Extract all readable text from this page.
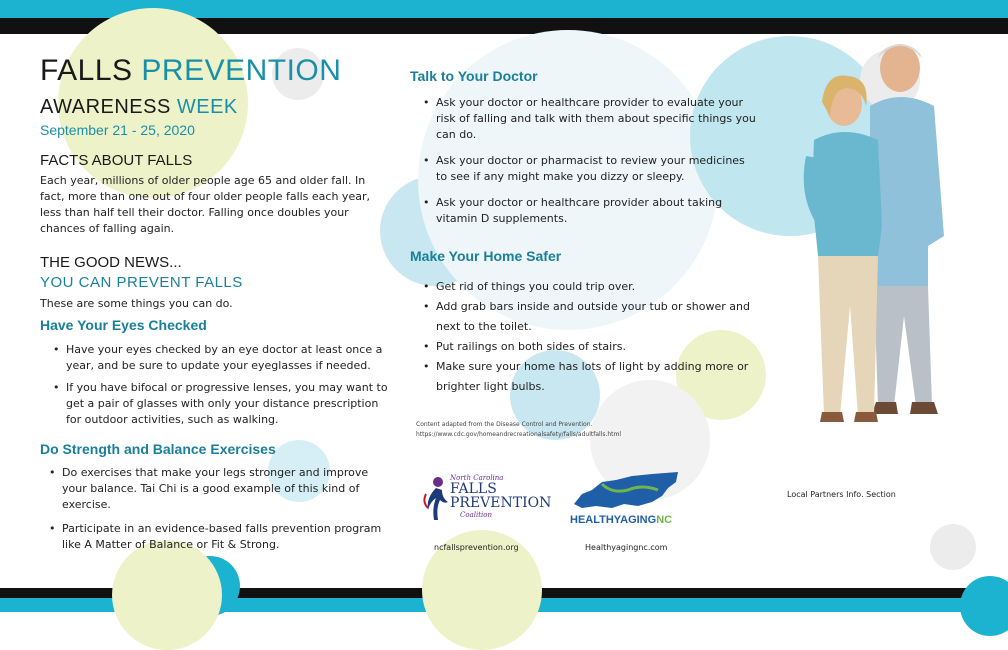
FALLS PREVENTION
AWARENESS WEEK
September 21 - 25, 2020
FACTS ABOUT FALLS
Each year, millions of older people age 65 and older fall. In fact, more than one out of four older people falls each year, less than half tell their doctor. Falling once doubles your chances of falling again.
THE GOOD NEWS...
YOU CAN PREVENT FALLS
These are some things you can do.
Have Your Eyes Checked
• Have your eyes checked by an eye doctor at least once a year, and be sure to update your eyeglasses if needed.
• If you have bifocal or progressive lenses, you may want to get a pair of glasses with only your distance prescription for outdoor activities, such as walking.
Do Strength and Balance Exercises
• Do exercises that make your legs stronger and improve your balance. Tai Chi is a good example of this kind of exercise.
• Participate in an evidence-based falls prevention program like A Matter of Balance or Fit & Strong.
Talk to Your Doctor
• Ask your doctor or healthcare provider to evaluate your risk of falling and talk with them about specific things you can do.
• Ask your doctor or pharmacist to review your medicines to see if any might make you dizzy or sleepy.
• Ask your doctor or healthcare provider about taking vitamin D supplements.
Make Your Home Safer
• Get rid of things you could trip over.
• Add grab bars inside and outside your tub or shower and next to the toilet.
• Put railings on both sides of stairs.
• Make sure your home has lots of light by adding more or brighter light bulbs.
Content adapted from the Disease Control and Prevention.
https://www.cdc.gov/homeandrecreationalsafety/falls/adultfalls.html
North Carolina
FALLS
PREVENTION
Coalition
ncfallsprevention.org
HEALTHYAGINGNC
Healthyagingnc.com
Local Partners Info. Section
